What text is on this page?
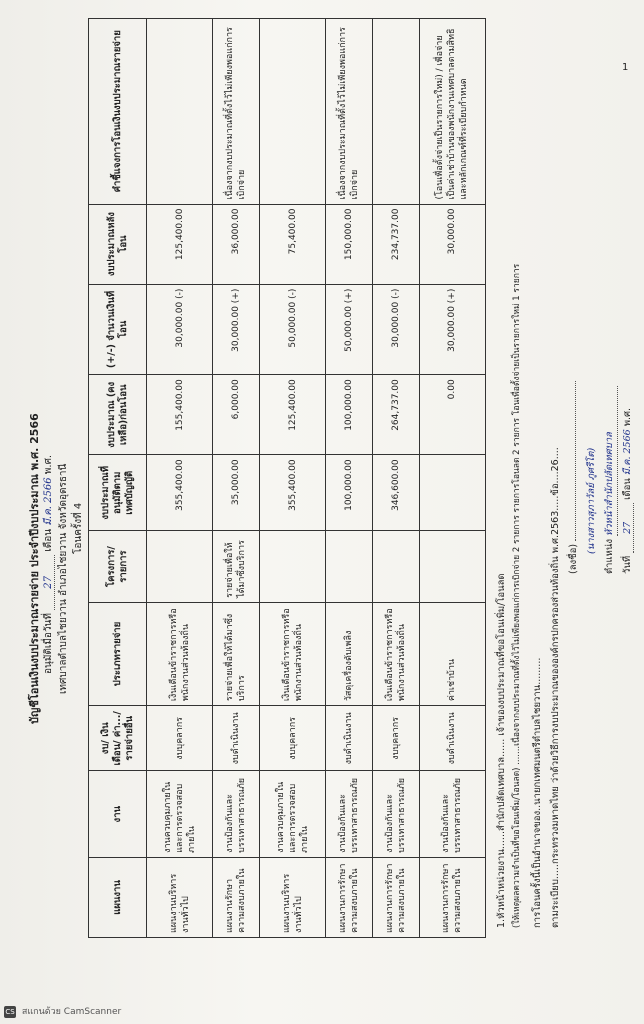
บัญชีโอนเงินงบประมาณรายจ่าย ประจำปีงบประมาณ พ.ศ. 2566 อนุมัติเมื่อวันที่ 27 เดือน มี.ค. 2566 พ.ศ. เทศบาลตำบลไชยวาน อำเภอไชยวาน จังหวัดอุดรธานี โอนครั้งที่ 4
แผนงาน	งาน	งบ/ เงินเดือน/ ค่า.../ รายจ่ายอื่น	ประเภทรายจ่าย	โครงการ/ รายการ	งบประมาณที่อนุมัติตามเทศบัญญัติ	งบประมาณ (คงเหลือ)ก่อนโอน	(+/-) จำนวนเงินที่โอน	งบประมาณหลังโอน	คำชี้แจงการโอนเงินงบประมาณรายจ่าย
แผนงานบริหารงานทั่วไป	งานควบคุมภายในและการตรวจสอบภายใน	งบบุคลากร	เงินเดือนข้าราชการหรือพนักงานส่วนท้องถิ่น		355,400.00	155,400.00	30,000.00 (-)	125,400.00	
แผนงานรักษาความสงบภายใน	งานป้องกันและบรรเทาสาธารณภัย	งบดำเนินงาน	รายจ่ายเพื่อให้ได้มาซึ่งบริการ	รายจ่ายเพื่อให้ได้มาซึ่งบริการ	35,000.00	6,000.00	30,000.00 (+)	36,000.00	เนื่องจากงบประมาณที่ตั้งไว้ไม่เพียงพอแก่การเบิกจ่าย
แผนงานบริหารงานทั่วไป	งานควบคุมภายในและการตรวจสอบภายใน	งบบุคลากร	เงินเดือนข้าราชการหรือพนักงานส่วนท้องถิ่น		355,400.00	125,400.00	50,000.00 (-)	75,400.00	
แผนงานการรักษาความสงบภายใน	งานป้องกันและบรรเทาสาธารณภัย	งบดำเนินงาน	วัสดุเครื่องดับเพลิง		100,000.00	100,000.00	50,000.00 (+)	150,000.00	เนื่องจากงบประมาณที่ตั้งไว้ไม่เพียงพอแก่การเบิกจ่าย
แผนงานการรักษาความสงบภายใน	งานป้องกันและบรรเทาสาธารณภัย	งบบุคลากร	เงินเดือนข้าราชการหรือพนักงานส่วนท้องถิ่น		346,600.00	264,737.00	30,000.00 (-)	234,737.00	
แผนงานการรักษาความสงบภายใน	งานป้องกันและบรรเทาสาธารณภัย	งบดำเนินงาน	ค่าเช่าบ้าน			0.00	30,000.00 (+)	30,000.00	(โอนเพื่อตั้งจ่ายเป็นรายการใหม่) / เพื่อจ่ายเป็นค่าเช่าบ้านของพนักงานเทศบาลตามสิทธิและหลักเกณฑ์ที่ระเบียบกำหนด
1.หัวหน้าหน่วยงาน......สำนักปลัดเทศบาล...... เจ้าของงบประมาณที่ขอโอนเพิ่ม/โอนลด (ให้เหตุผลความจำเป็นที่ขอโอนเพิ่ม/โอนลด) .......เนื่องจากงบประมาณที่ตั้งไว้ไม่เพียงพอแก่การเบิกจ่าย 2 รายการ รายการโอนลด 2 รายการ โอนเพื่อตั้งจ่ายเป็นรายการใหม่ 1 รายการ การโอนครั้งนี้เป็นอำนาจของ..นายกเทศมนตรีตำบลไชยวาน......... ตามระเบียบ.....กระทรวงมหาดไทย ว่าด้วยวิธีการงบประมาณขององค์กรปกครองส่วนท้องถิ่น พ.ศ.2563.....ข้อ....26.... (ลงชื่อ)
(นางสาวสุภาวัลย์ ภูศรีโต)
ตำแหน่ง หัวหน้าสำนักปลัดเทศบาล
วันที่ 27 เดือน มี.ค. 2566 พ.ศ.
1
CS สแกนด้วย CamScanner
